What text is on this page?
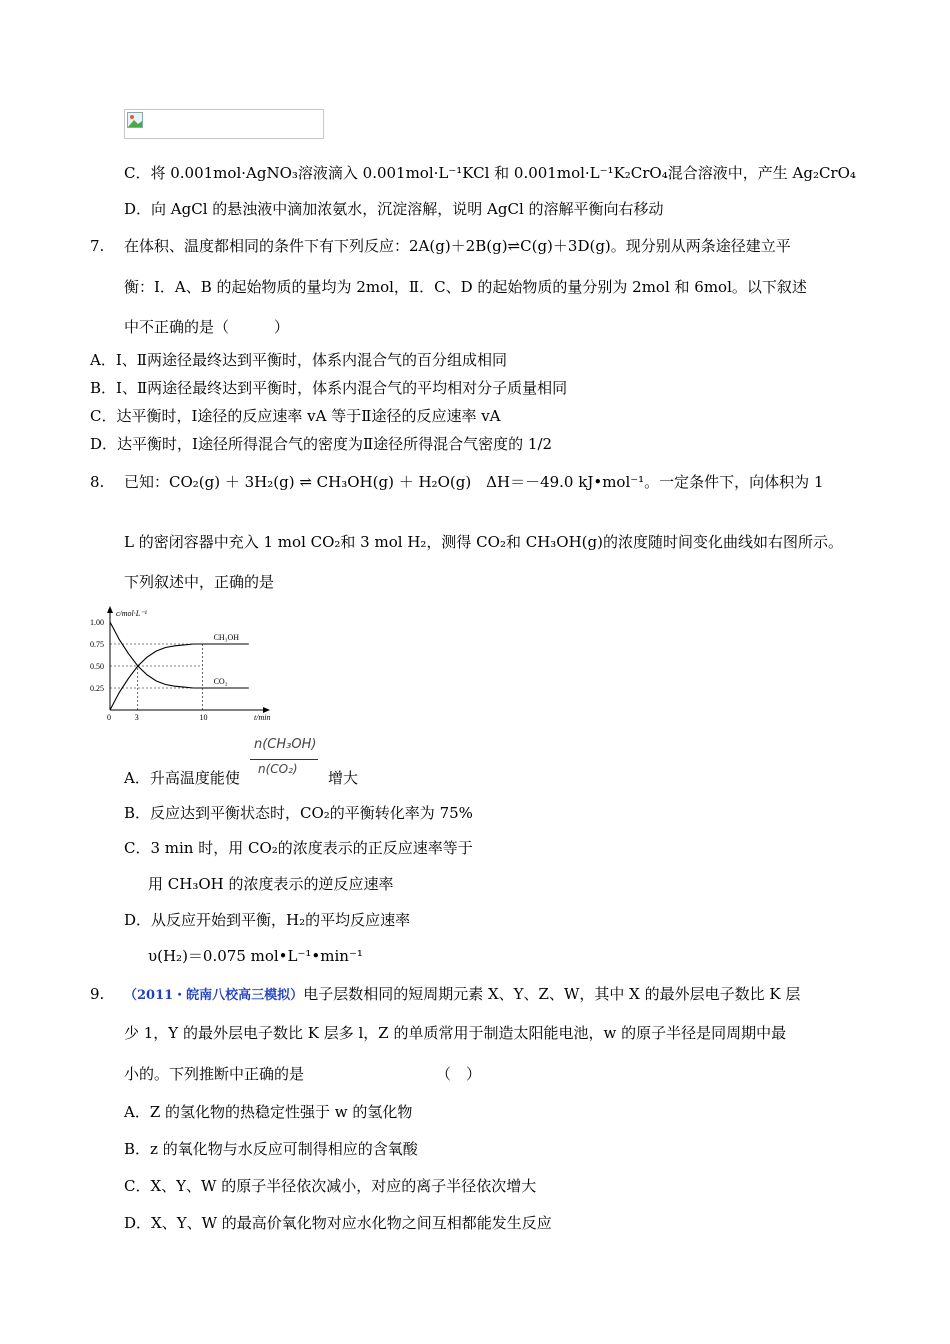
C．将 0.001mol·AgNO₃溶液滴入 0.001mol·L⁻¹KCl 和 0.001mol·L⁻¹K₂CrO₄混合溶液中，产生 Ag₂CrO₄
D．向 AgCl 的悬浊液中滴加浓氨水，沉淀溶解，说明 AgCl 的溶解平衡向右移动
7. 在体积、温度都相同的条件下有下列反应：2A(g)＋2B(g)⇌C(g)＋3D(g)。现分别从两条途径建立平
衡：Ⅰ．A、B 的起始物质的量均为 2mol，Ⅱ．C、D 的起始物质的量分别为 2mol 和 6mol。以下叙述
中不正确的是（　　　）
A．Ⅰ、Ⅱ两途径最终达到平衡时，体系内混合气的百分组成相同
B．Ⅰ、Ⅱ两途径最终达到平衡时，体系内混合气的平均相对分子质量相同
C．达平衡时，Ⅰ途径的反应速率 vA 等于Ⅱ途径的反应速率 vA
D．达平衡时，Ⅰ途径所得混合气的密度为Ⅱ途径所得混合气密度的 1/2
8. 已知：CO₂(g) ＋ 3H₂(g) ⇌ CH₃OH(g) ＋ H₂O(g)　ΔH＝－49.0 kJ•mol⁻¹。一定条件下，向体积为 1
L 的密闭容器中充入 1 mol CO₂和 3 mol H₂，测得 CO₂和 CH₃OH(g)的浓度随时间变化曲线如右图所示。
下列叙述中，正确的是
c/mol·L⁻¹
t/min
0.25
0.50
0.75
1.00
0	3	10
CH₃OH
CO₂
n(CH₃OH)
n(CO₂)
A．升高温度能使	增大
B．反应达到平衡状态时，CO₂的平衡转化率为 75%
C．3 min 时，用 CO₂的浓度表示的正反应速率等于
用 CH₃OH 的浓度表示的逆反应速率
D．从反应开始到平衡，H₂的平均反应速率
υ(H₂)＝0.075 mol•L⁻¹•min⁻¹
9. （2011・皖南八校高三模拟）电子层数相同的短周期元素 X、Y、Z、W，其中 X 的最外层电子数比 K 层
少 1，Y 的最外层电子数比 K 层多 l，Z 的单质常用于制造太阳能电池，w 的原子半径是同周期中最
小的。下列推断中正确的是	（　）
A．Z 的氢化物的热稳定性强于 w 的氢化物
B．z 的氧化物与水反应可制得相应的含氧酸
C．X、Y、W 的原子半径依次减小，对应的离子半径依次增大
D．X、Y、W 的最高价氧化物对应水化物之间互相都能发生反应
